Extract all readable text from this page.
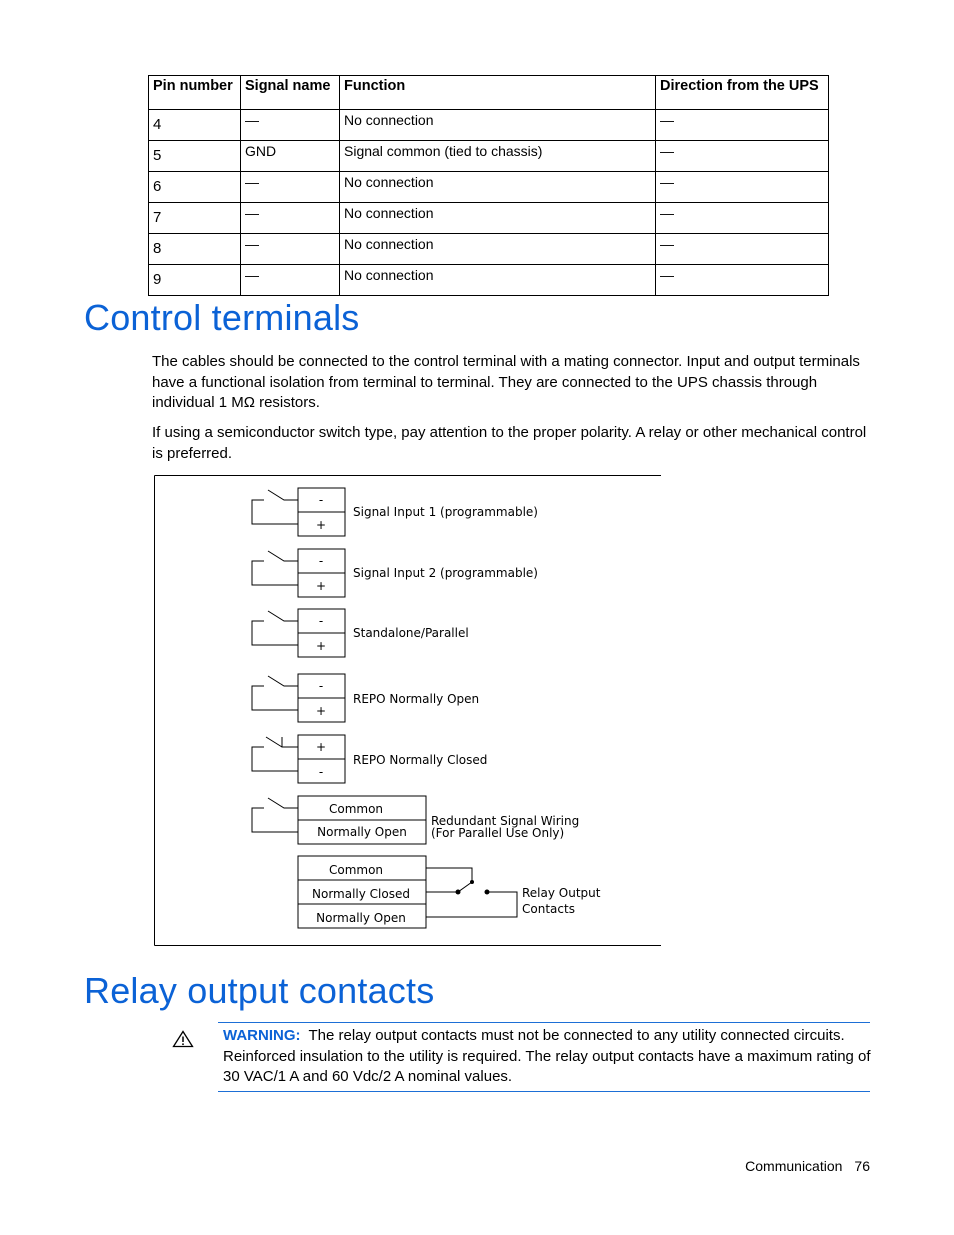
Pin number	Signal name	Function	Direction from the UPS
4	—	No connection	—
5	GND	Signal common (tied to chassis)	—
6	—	No connection	—
7	—	No connection	—
8	—	No connection	—
9	—	No connection	—
Control terminals

The cables should be connected to the control terminal with a mating connector. Input and output terminals have a functional isolation from terminal to terminal. They are connected to the UPS chassis through individual 1 MΩ resistors.

If using a semiconductor switch type, pay attention to the proper polarity. A relay or other mechanical control is preferred.

-
+
Signal Input 1 (programmable)
-
+
Signal Input 2 (programmable)
-
+
Standalone/Parallel
-
+
REPO Normally Open
+
-
REPO Normally Closed
Common
Normally Open
Redundant Signal Wiring
(For Parallel Use Only)
Common
Normally Closed
Normally Open
Relay Output
Contacts
Relay output contacts

WARNING: The relay output contacts must not be connected to any utility connected circuits. Reinforced insulation to the utility is required. The relay output contacts have a maximum rating of 30 VAC/1 A and 60 Vdc/2 A nominal values.

Communication 76
